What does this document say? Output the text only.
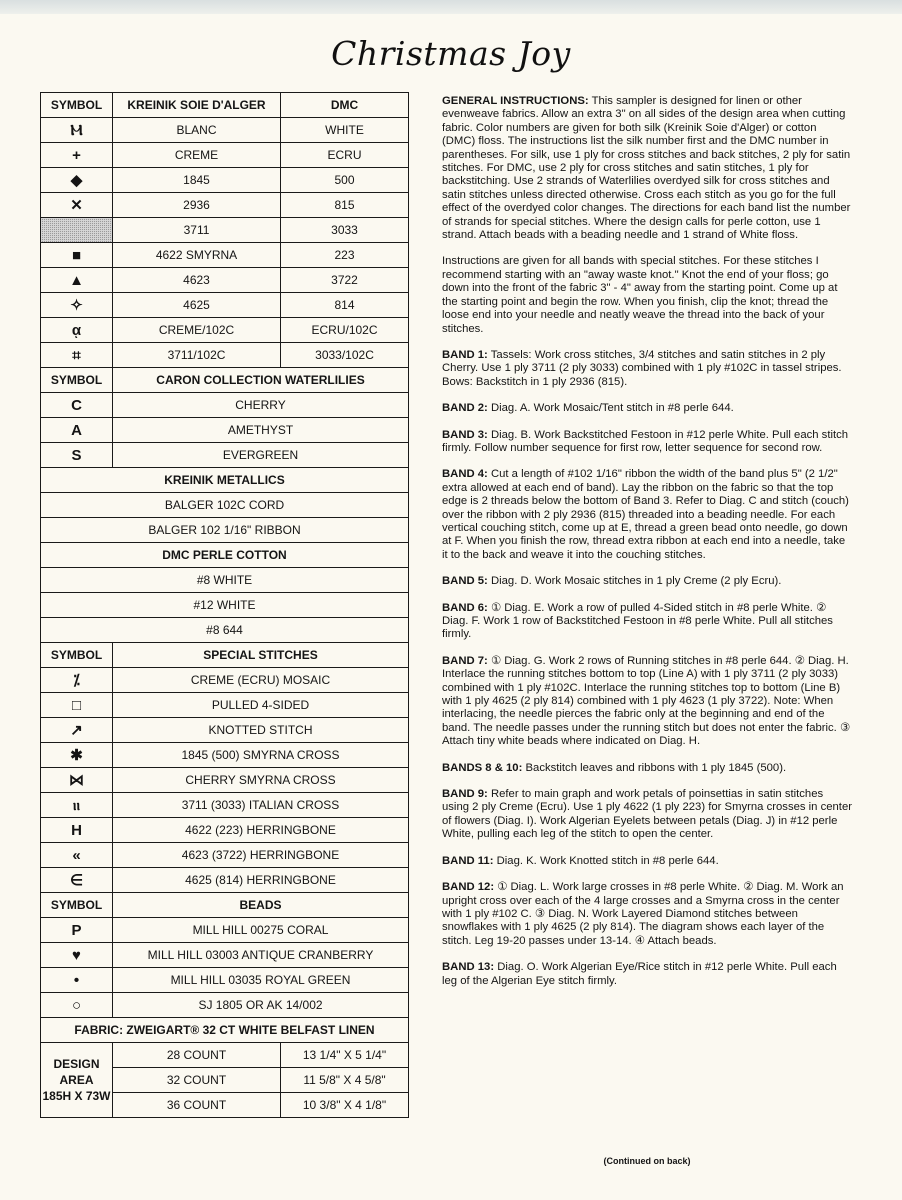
Christmas Joy
SYMBOL	KREINIK SOIE D'ALGER	DMC
Ⲙ	BLANC	WHITE
+	CREME	ECRU
◆	1845	500
✕	2936	815
	3711	3033
■	4622 SMYRNA	223
▲	4623	3722
✧	4625	814
ᾳ	CREME/102C	ECRU/102C
⌗	3711/102C	3033/102C
SYMBOL	CARON COLLECTION WATERLILIES	
C	CHERRY	
A	AMETHYST	
S	EVERGREEN	
KREINIK METALLICS		
BALGER 102C CORD		
BALGER 102 1/16" RIBBON		
DMC PERLE COTTON		
#8 WHITE		
#12 WHITE		
#8 644		
SYMBOL	SPECIAL STITCHES	
⁒	CREME (ECRU) MOSAIC	
□	PULLED 4-SIDED	
↗	KNOTTED STITCH	
✱	1845 (500) SMYRNA CROSS	
⋈	CHERRY SMYRNA CROSS	
ⲓⲓ	3711 (3033) ITALIAN CROSS	
H	4622 (223) HERRINGBONE	
«	4623 (3722) HERRINGBONE	
∈	4625 (814) HERRINGBONE	
SYMBOL	BEADS	
P	MILL HILL 00275 CORAL	
♥	MILL HILL 03003 ANTIQUE CRANBERRY	
•	MILL HILL 03035 ROYAL GREEN	
○	SJ 1805 OR AK 14/002	
FABRIC: ZWEIGART® 32 CT WHITE BELFAST LINEN		

DESIGN
AREA
185H X 73W	28 COUNT	13 1/4" X 5 1/4"
	32 COUNT	11 5/8" X 4 5/8"
	36 COUNT	10 3/8" X 4 1/8"

GENERAL INSTRUCTIONS: This sampler is designed for linen or other evenweave fabrics. Allow an extra 3" on all sides of the design area when cutting fabric. Color numbers are given for both silk (Kreinik Soie d'Alger) or cotton (DMC) floss. The instructions list the silk number first and the DMC number in parentheses. For silk, use 1 ply for cross stitches and back stitches, 2 ply for satin stitches. For DMC, use 2 ply for cross stitches and satin stitches, 1 ply for backstitching. Use 2 strands of Waterlilies overdyed silk for cross stitches and satin stitches unless directed otherwise. Cross each stitch as you go for the full effect of the overdyed color changes. The directions for each band list the number of strands for special stitches. Where the design calls for perle cotton, use 1 strand. Attach beads with a beading needle and 1 strand of White floss.

Instructions are given for all bands with special stitches. For these stitches I recommend starting with an "away waste knot." Knot the end of your floss; go down into the front of the fabric 3" - 4" away from the starting point. Come up at the starting point and begin the row. When you finish, clip the knot; thread the loose end into your needle and neatly weave the thread into the back of your stitches.

BAND 1: Tassels: Work cross stitches, 3/4 stitches and satin stitches in 2 ply Cherry. Use 1 ply 3711 (2 ply 3033) combined with 1 ply #102C in tassel stripes. Bows: Backstitch in 1 ply 2936 (815).

BAND 2: Diag. A. Work Mosaic/Tent stitch in #8 perle 644.

BAND 3: Diag. B. Work Backstitched Festoon in #12 perle White. Pull each stitch firmly. Follow number sequence for first row, letter sequence for second row.

BAND 4: Cut a length of #102 1/16" ribbon the width of the band plus 5" (2 1/2" extra allowed at each end of band). Lay the ribbon on the fabric so that the top edge is 2 threads below the bottom of Band 3. Refer to Diag. C and stitch (couch) over the ribbon with 2 ply 2936 (815) threaded into a beading needle. For each vertical couching stitch, come up at E, thread a green bead onto needle, go down at F. When you finish the row, thread extra ribbon at each end into a needle, take it to the back and weave it into the couching stitches.

BAND 5: Diag. D. Work Mosaic stitches in 1 ply Creme (2 ply Ecru).

BAND 6: ① Diag. E. Work a row of pulled 4-Sided stitch in #8 perle White. ② Diag. F. Work 1 row of Backstitched Festoon in #8 perle White. Pull all stitches firmly.

BAND 7: ① Diag. G. Work 2 rows of Running stitches in #8 perle 644. ② Diag. H. Interlace the running stitches bottom to top (Line A) with 1 ply 3711 (2 ply 3033) combined with 1 ply #102C. Interlace the running stitches top to bottom (Line B) with 1 ply 4625 (2 ply 814) combined with 1 ply 4623 (1 ply 3722). Note: When interlacing, the needle pierces the fabric only at the beginning and end of the band. The needle passes under the running stitch but does not enter the fabric. ③ Attach tiny white beads where indicated on Diag. H.

BANDS 8 & 10: Backstitch leaves and ribbons with 1 ply 1845 (500).

BAND 9: Refer to main graph and work petals of poinsettias in satin stitches using 2 ply Creme (Ecru). Use 1 ply 4622 (1 ply 223) for Smyrna crosses in center of flowers (Diag. I). Work Algerian Eyelets between petals (Diag. J) in #12 perle White, pulling each leg of the stitch to open the center.

BAND 11: Diag. K. Work Knotted stitch in #8 perle 644.

BAND 12: ① Diag. L. Work large crosses in #8 perle White. ② Diag. M. Work an upright cross over each of the 4 large crosses and a Smyrna cross in the center with 1 ply #102 C. ③ Diag. N. Work Layered Diamond stitches between snowflakes with 1 ply 4625 (2 ply 814). The diagram shows each layer of the stitch. Leg 19-20 passes under 13-14. ④ Attach beads.

BAND 13: Diag. O. Work Algerian Eye/Rice stitch in #12 perle White. Pull each leg of the Algerian Eye stitch firmly.

(Continued on back)
